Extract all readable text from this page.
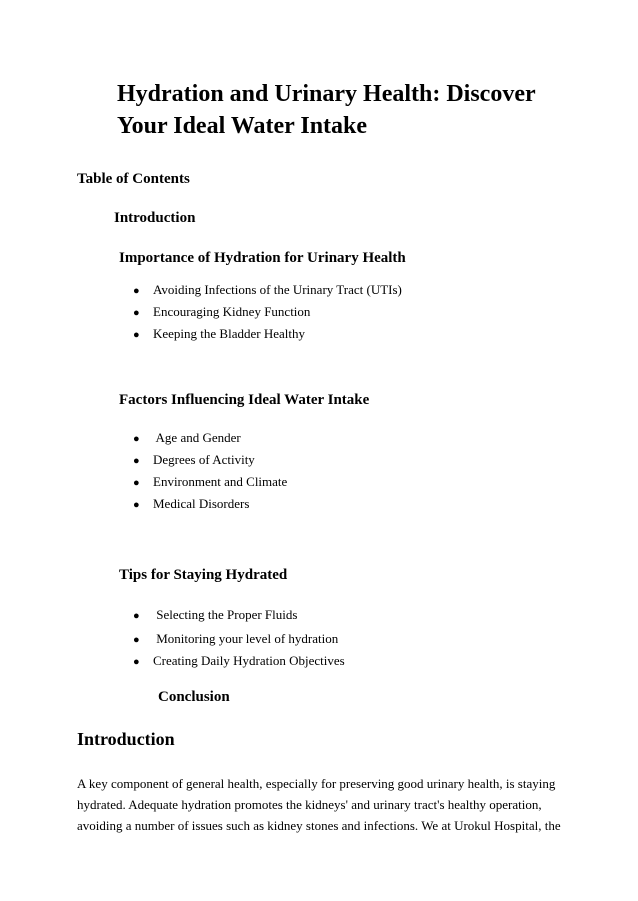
Hydration and Urinary Health: Discover Your Ideal Water Intake
Table of Contents
Introduction
Importance of Hydration for Urinary Health
● Avoiding Infections of the Urinary Tract (UTIs)
● Encouraging Kidney Function
● Keeping the Bladder Healthy
Factors Influencing Ideal Water Intake
● Age and Gender
● Degrees of Activity
● Environment and Climate
● Medical Disorders
Tips for Staying Hydrated
● Selecting the Proper Fluids
● Monitoring your level of hydration
● Creating Daily Hydration Objectives
Conclusion
Introduction
A key component of general health, especially for preserving good urinary health, is staying hydrated. Adequate hydration promotes the kidneys' and urinary tract's healthy operation, avoiding a number of issues such as kidney stones and infections. We at Urokul Hospital, the
